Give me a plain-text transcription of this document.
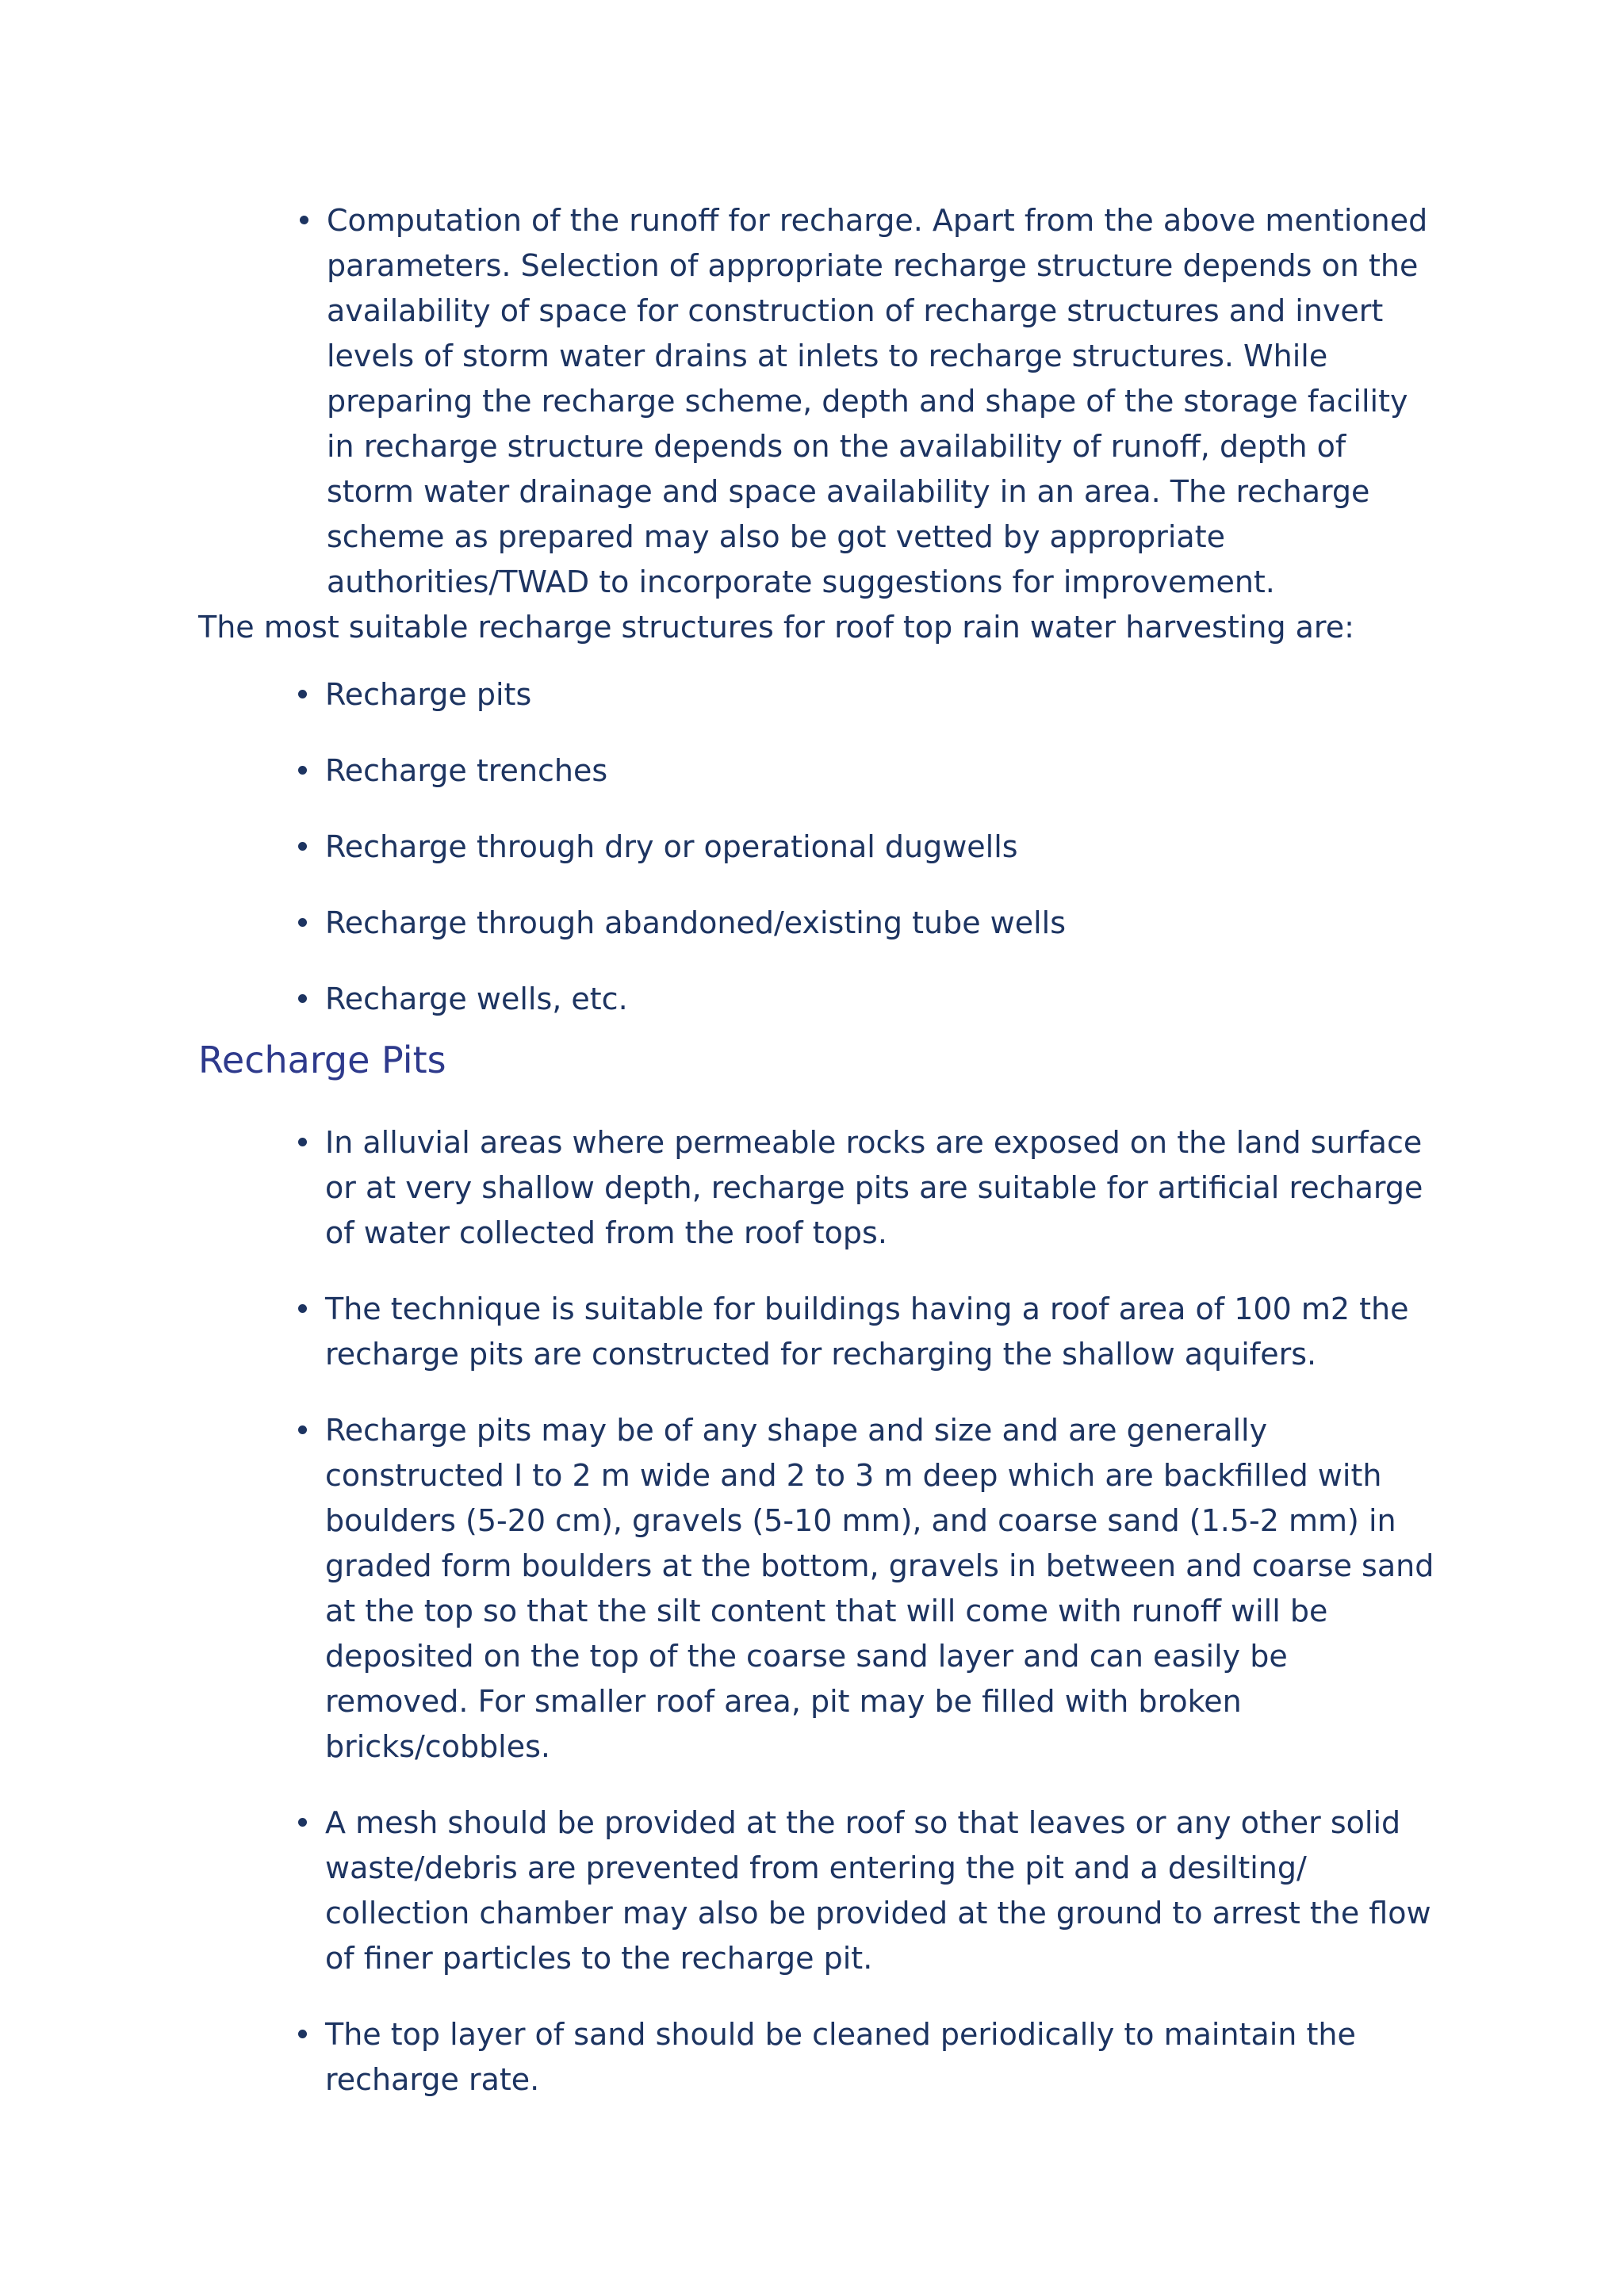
Computation of the runoff for recharge. Apart from the above mentioned parameters. Selection of appropriate recharge structure depends on the availability of space for construction of recharge structures and invert levels of storm water drains at inlets to recharge structures. While preparing the recharge scheme, depth and shape of the storage facility in recharge structure depends on the availability of runoff, depth of storm water drainage and space availability in an area. The recharge scheme as prepared may also be got vetted by appropriate authorities/TWAD to incorporate suggestions for improvement.

The most suitable recharge structures for roof top rain water harvesting are:

Recharge pits
Recharge trenches
Recharge through dry or operational dugwells
Recharge through abandoned/existing tube wells
Recharge wells, etc.
Recharge Pits
In alluvial areas where permeable rocks are exposed on the land surface or at very shallow depth, recharge pits are suitable for artificial recharge of water collected from the roof tops.
The technique is suitable for buildings having a roof area of 100 m2 the recharge pits are constructed for recharging the shallow aquifers.
Recharge pits may be of any shape and size and are generally constructed I to 2 m wide and 2 to 3 m deep which are backfilled with boulders (5-20 cm), gravels (5-10 mm), and coarse sand (1.5-2 mm) in graded form boulders at the bottom, gravels in between and coarse sand at the top so that the silt content that will come with runoff will be deposited on the top of the coarse sand layer and can easily be removed. For smaller roof area, pit may be filled with broken bricks/cobbles.
A mesh should be provided at the roof so that leaves or any other solid waste/debris are prevented from entering the pit and a desilting/ collection chamber may also be provided at the ground to arrest the flow of finer particles to the recharge pit.
The top layer of sand should be cleaned periodically to maintain the recharge rate.
